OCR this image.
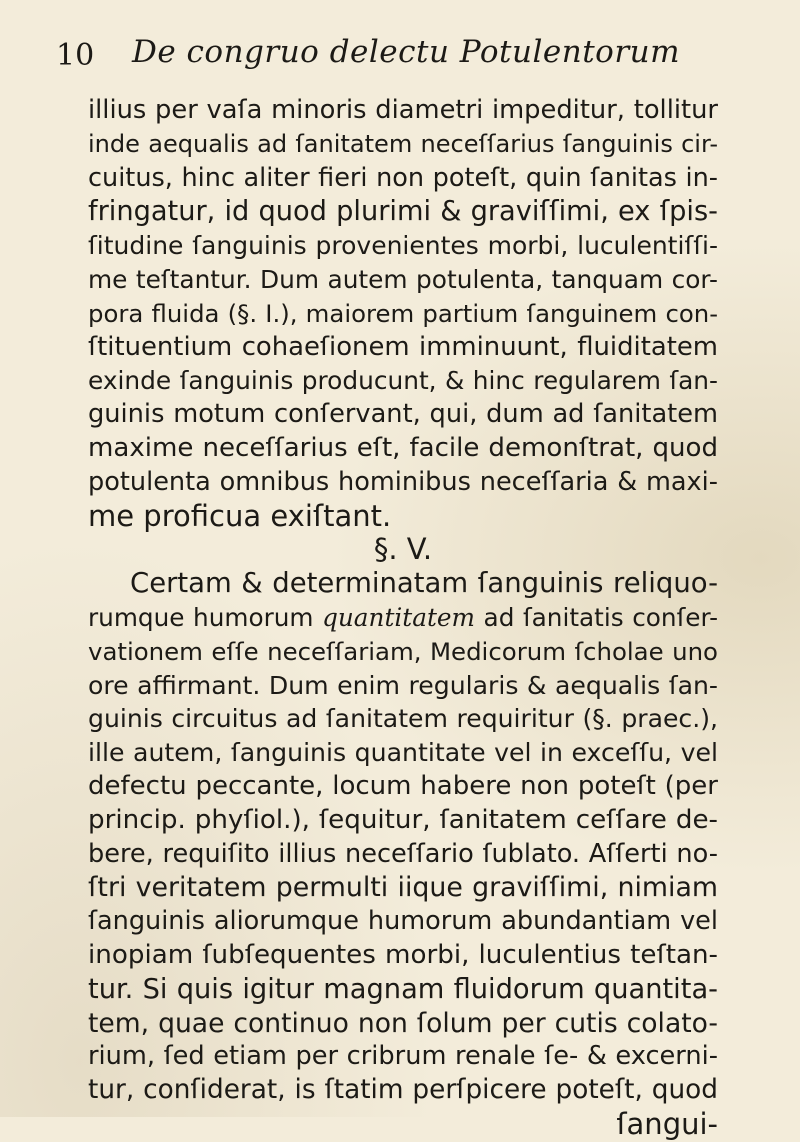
10 De congruo delectu Potulentorum
illius per vaſa minoris diametri impeditur, tollitur
inde aequalis ad ſanitatem neceſſarius ſanguinis cir-
cuitus, hinc aliter fieri non poteſt, quin ſanitas in-
fringatur, id quod plurimi & graviſſimi, ex ſpis-
ſitudine ſanguinis provenientes morbi, luculentiſſi-
me teſtantur. Dum autem potulenta, tanquam cor-
pora fluida (§. I.), maiorem partium ſanguinem con-
ſtituentium cohaeſionem imminuunt, fluiditatem
exinde ſanguinis producunt, & hinc regularem ſan-
guinis motum conſervant, qui, dum ad ſanitatem
maxime neceſſarius eſt, facile demonſtrat, quod
potulenta omnibus hominibus neceſſaria & maxi-
me proficua exiſtant.
§. V.
Certam & determinatam ſanguinis reliquo-
rumque humorum quantitatem ad ſanitatis conſer-
vationem eſſe neceſſariam, Medicorum ſcholae uno
ore affirmant. Dum enim regularis & aequalis ſan-
guinis circuitus ad ſanitatem requiritur (§. praec.),
ille autem, ſanguinis quantitate vel in exceſſu, vel
defectu peccante, locum habere non poteſt (per
princip. phyſiol.), ſequitur, ſanitatem ceſſare de-
bere, requiſito illius neceſſario ſublato. Aſſerti no-
ſtri veritatem permulti iique graviſſimi, nimiam
ſanguinis aliorumque humorum abundantiam vel
inopiam ſubſequentes morbi, luculentius teſtan-
tur. Si quis igitur magnam fluidorum quantita-
tem, quae continuo non ſolum per cutis colato-
rium, ſed etiam per cribrum renale ſe- & excerni-
tur, conſiderat, is ſtatim perſpicere poteſt, quod
ſangui-
